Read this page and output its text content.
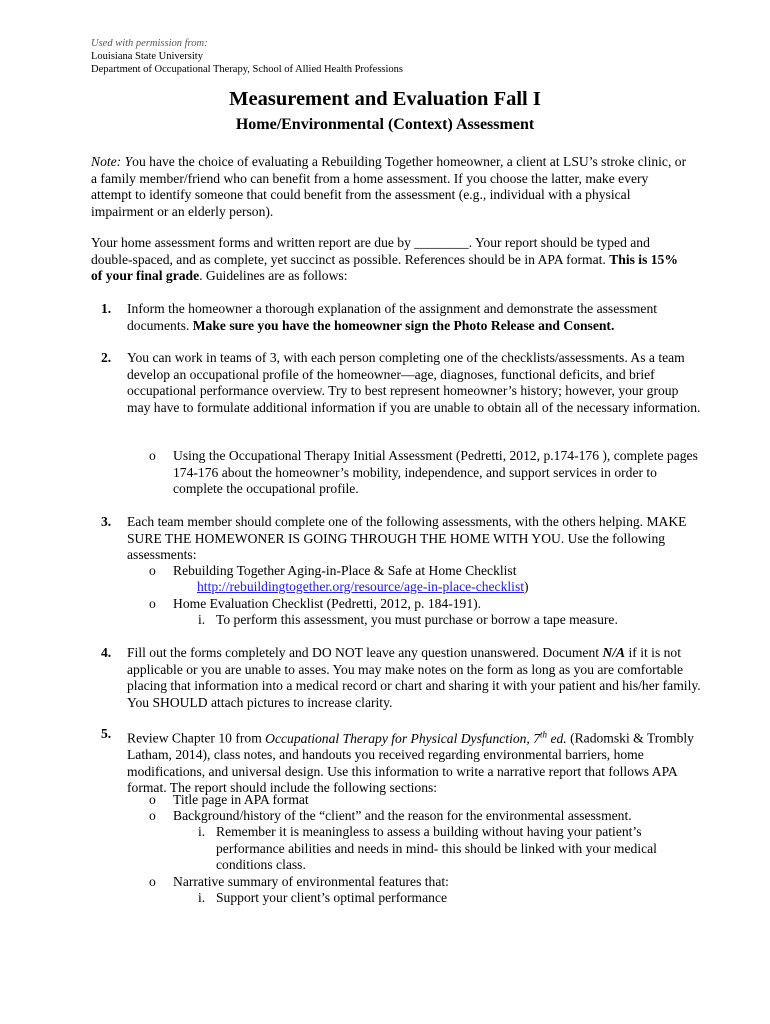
Used with permission from:
Louisiana State University
Department of Occupational Therapy, School of Allied Health Professions
Measurement and Evaluation Fall I
Home/Environmental (Context) Assessment
Note: You have the choice of evaluating a Rebuilding Together homeowner, a client at LSU’s stroke clinic, or a family member/friend who can benefit from a home assessment. If you choose the latter, make every attempt to identify someone that could benefit from the assessment (e.g., individual with a physical impairment or an elderly person).
Your home assessment forms and written report are due by ________. Your report should be typed and double-spaced, and as complete, yet succinct as possible. References should be in APA format. This is 15% of your final grade. Guidelines are as follows:
1. Inform the homeowner a thorough explanation of the assignment and demonstrate the assessment documents. Make sure you have the homeowner sign the Photo Release and Consent.
2. You can work in teams of 3, with each person completing one of the checklists/assessments. As a team develop an occupational profile of the homeowner—age, diagnoses, functional deficits, and brief occupational performance overview. Try to best represent homeowner’s history; however, your group may have to formulate additional information if you are unable to obtain all of the necessary information.
o Using the Occupational Therapy Initial Assessment (Pedretti, 2012, p.174-176 ), complete pages 174-176 about the homeowner’s mobility, independence, and support services in order to complete the occupational profile.
3. Each team member should complete one of the following assessments, with the others helping. MAKE SURE THE HOMEWONER IS GOING THROUGH THE HOME WITH YOU. Use the following assessments:
o Rebuilding Together Aging-in-Place & Safe at Home Checklist
http://rebuildingtogether.org/resource/age-in-place-checklist)
o Home Evaluation Checklist (Pedretti, 2012, p. 184-191).
i. To perform this assessment, you must purchase or borrow a tape measure.
4. Fill out the forms completely and DO NOT leave any question unanswered. Document N/A if it is not applicable or you are unable to asses. You may make notes on the form as long as you are comfortable placing that information into a medical record or chart and sharing it with your patient and his/her family. You SHOULD attach pictures to increase clarity.
5. Review Chapter 10 from Occupational Therapy for Physical Dysfunction, 7th ed. (Radomski & Trombly Latham, 2014), class notes, and handouts you received regarding environmental barriers, home modifications, and universal design. Use this information to write a narrative report that follows APA format. The report should include the following sections:
o Title page in APA format
o Background/history of the “client” and the reason for the environmental assessment.
i. Remember it is meaningless to assess a building without having your patient’s performance abilities and needs in mind- this should be linked with your medical conditions class.
o Narrative summary of environmental features that:
i. Support your client’s optimal performance
